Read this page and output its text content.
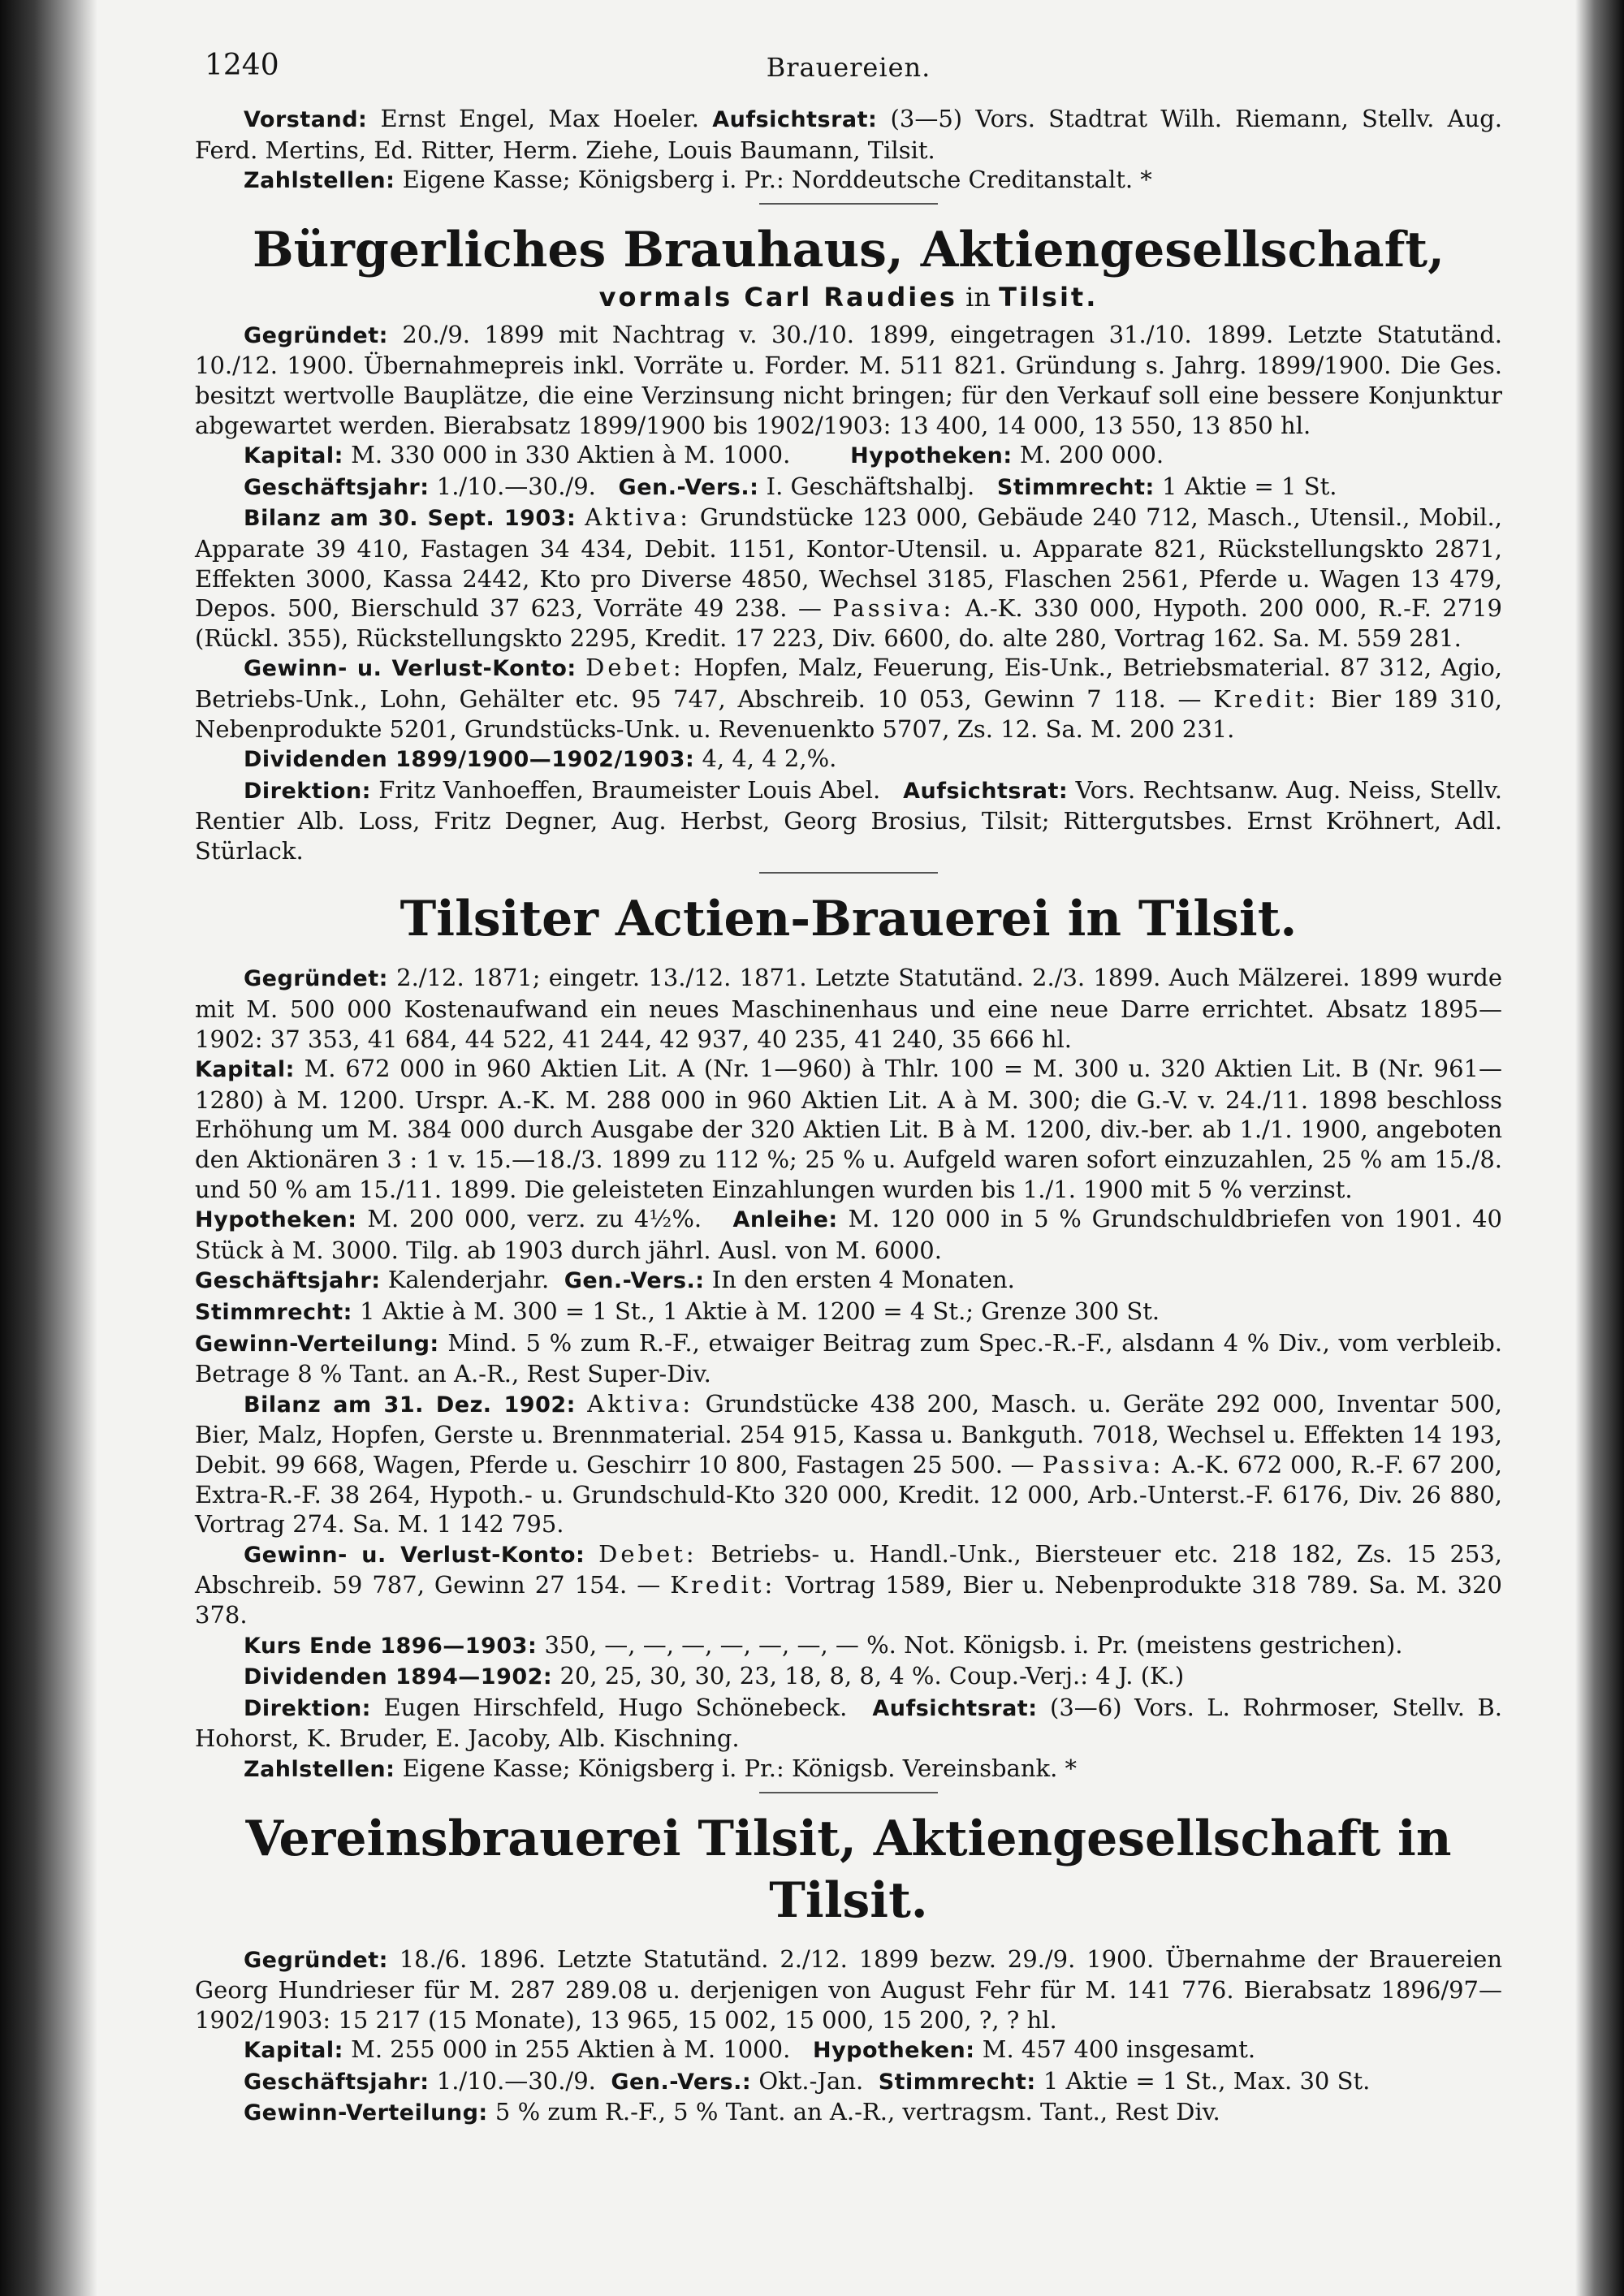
1240	Brauereien.

Vorstand: Ernst Engel, Max Hoeler. Aufsichtsrat: (3—5) Vors. Stadtrat Wilh. Riemann, Stellv. Aug. Ferd. Mertins, Ed. Ritter, Herm. Ziehe, Louis Baumann, Tilsit.

Zahlstellen: Eigene Kasse; Königsberg i. Pr.: Norddeutsche Creditanstalt. *

Bürgerliches Brauhaus, Aktiengesellschaft,

vormals Carl Raudies in Tilsit.

Gegründet: 20./9. 1899 mit Nachtrag v. 30./10. 1899, eingetragen 31./10. 1899. Letzte Statutänd. 10./12. 1900. Übernahmepreis inkl. Vorräte u. Forder. M. 511 821. Gründung s. Jahrg. 1899/1900. Die Ges. besitzt wertvolle Bauplätze, die eine Verzinsung nicht bringen; für den Verkauf soll eine bessere Konjunktur abgewartet werden. Bierabsatz 1899/1900 bis 1902/1903: 13 400, 14 000, 13 550, 13 850 hl.

Kapital: M. 330 000 in 330 Aktien à M. 1000.	Hypotheken: M. 200 000.

Geschäftsjahr: 1./10.—30./9. Gen.-Vers.: I. Geschäftshalbj. Stimmrecht: 1 Aktie = 1 St.

Bilanz am 30. Sept. 1903: Aktiva: Grundstücke 123 000, Gebäude 240 712, Masch., Utensil., Mobil., Apparate 39 410, Fastagen 34 434, Debit. 1151, Kontor-Utensil. u. Apparate 821, Rückstellungskto 2871, Effekten 3000, Kassa 2442, Kto pro Diverse 4850, Wechsel 3185, Flaschen 2561, Pferde u. Wagen 13 479, Depos. 500, Bierschuld 37 623, Vorräte 49 238. — Passiva: A.-K. 330 000, Hypoth. 200 000, R.-F. 2719 (Rückl. 355), Rückstellungskto 2295, Kredit. 17 223, Div. 6600, do. alte 280, Vortrag 162. Sa. M. 559 281.

Gewinn- u. Verlust-Konto: Debet: Hopfen, Malz, Feuerung, Eis-Unk., Betriebsmaterial. 87 312, Agio, Betriebs-Unk., Lohn, Gehälter etc. 95 747, Abschreib. 10 053, Gewinn 7 118. — Kredit: Bier 189 310, Nebenprodukte 5201, Grundstücks-Unk. u. Revenuenkto 5707, Zs. 12. Sa. M. 200 231.

Dividenden 1899/1900—1902/1903: 4, 4, 4 2,%.

Direktion: Fritz Vanhoeffen, Braumeister Louis Abel. Aufsichtsrat: Vors. Rechtsanw. Aug. Neiss, Stellv. Rentier Alb. Loss, Fritz Degner, Aug. Herbst, Georg Brosius, Tilsit; Rittergutsbes. Ernst Kröhnert, Adl. Stürlack.

Tilsiter Actien-Brauerei in Tilsit.

Gegründet: 2./12. 1871; eingetr. 13./12. 1871. Letzte Statutänd. 2./3. 1899. Auch Mälzerei. 1899 wurde mit M. 500 000 Kostenaufwand ein neues Maschinenhaus und eine neue Darre errichtet. Absatz 1895—1902: 37 353, 41 684, 44 522, 41 244, 42 937, 40 235, 41 240, 35 666 hl.

Kapital: M. 672 000 in 960 Aktien Lit. A (Nr. 1—960) à Thlr. 100 = M. 300 u. 320 Aktien Lit. B (Nr. 961—1280) à M. 1200. Urspr. A.-K. M. 288 000 in 960 Aktien Lit. A à M. 300; die G.-V. v. 24./11. 1898 beschloss Erhöhung um M. 384 000 durch Ausgabe der 320 Aktien Lit. B à M. 1200, div.-ber. ab 1./1. 1900, angeboten den Aktionären 3 : 1 v. 15.—18./3. 1899 zu 112 %; 25 % u. Aufgeld waren sofort einzuzahlen, 25 % am 15./8. und 50 % am 15./11. 1899. Die geleisteten Einzahlungen wurden bis 1./1. 1900 mit 5 % verzinst.

Hypotheken: M. 200 000, verz. zu 4½%. Anleihe: M. 120 000 in 5 % Grundschuldbriefen von 1901. 40 Stück à M. 3000. Tilg. ab 1903 durch jährl. Ausl. von M. 6000.

Geschäftsjahr: Kalenderjahr. Gen.-Vers.: In den ersten 4 Monaten.

Stimmrecht: 1 Aktie à M. 300 = 1 St., 1 Aktie à M. 1200 = 4 St.; Grenze 300 St.

Gewinn-Verteilung: Mind. 5 % zum R.-F., etwaiger Beitrag zum Spec.-R.-F., alsdann 4 % Div., vom verbleib. Betrage 8 % Tant. an A.-R., Rest Super-Div.

Bilanz am 31. Dez. 1902: Aktiva: Grundstücke 438 200, Masch. u. Geräte 292 000, Inventar 500, Bier, Malz, Hopfen, Gerste u. Brennmaterial. 254 915, Kassa u. Bankguth. 7018, Wechsel u. Effekten 14 193, Debit. 99 668, Wagen, Pferde u. Geschirr 10 800, Fastagen 25 500. — Passiva: A.-K. 672 000, R.-F. 67 200, Extra-R.-F. 38 264, Hypoth.- u. Grundschuld-Kto 320 000, Kredit. 12 000, Arb.-Unterst.-F. 6176, Div. 26 880, Vortrag 274. Sa. M. 1 142 795.

Gewinn- u. Verlust-Konto: Debet: Betriebs- u. Handl.-Unk., Biersteuer etc. 218 182, Zs. 15 253, Abschreib. 59 787, Gewinn 27 154. — Kredit: Vortrag 1589, Bier u. Nebenprodukte 318 789. Sa. M. 320 378.

Kurs Ende 1896—1903: 350, —, —, —, —, —, —, — %. Not. Königsb. i. Pr. (meistens gestrichen).

Dividenden 1894—1902: 20, 25, 30, 30, 23, 18, 8, 8, 4 %. Coup.-Verj.: 4 J. (K.)

Direktion: Eugen Hirschfeld, Hugo Schönebeck. Aufsichtsrat: (3—6) Vors. L. Rohrmoser, Stellv. B. Hohorst, K. Bruder, E. Jacoby, Alb. Kischning.

Zahlstellen: Eigene Kasse; Königsberg i. Pr.: Königsb. Vereinsbank. *

Vereinsbrauerei Tilsit, Aktiengesellschaft in Tilsit.

Gegründet: 18./6. 1896. Letzte Statutänd. 2./12. 1899 bezw. 29./9. 1900. Übernahme der Brauereien Georg Hundrieser für M. 287 289.08 u. derjenigen von August Fehr für M. 141 776. Bierabsatz 1896/97—1902/1903: 15 217 (15 Monate), 13 965, 15 002, 15 000, 15 200, ?, ? hl.

Kapital: M. 255 000 in 255 Aktien à M. 1000. Hypotheken: M. 457 400 insgesamt.

Geschäftsjahr: 1./10.—30./9. Gen.-Vers.: Okt.-Jan. Stimmrecht: 1 Aktie = 1 St., Max. 30 St.

Gewinn-Verteilung: 5 % zum R.-F., 5 % Tant. an A.-R., vertragsm. Tant., Rest Div.
